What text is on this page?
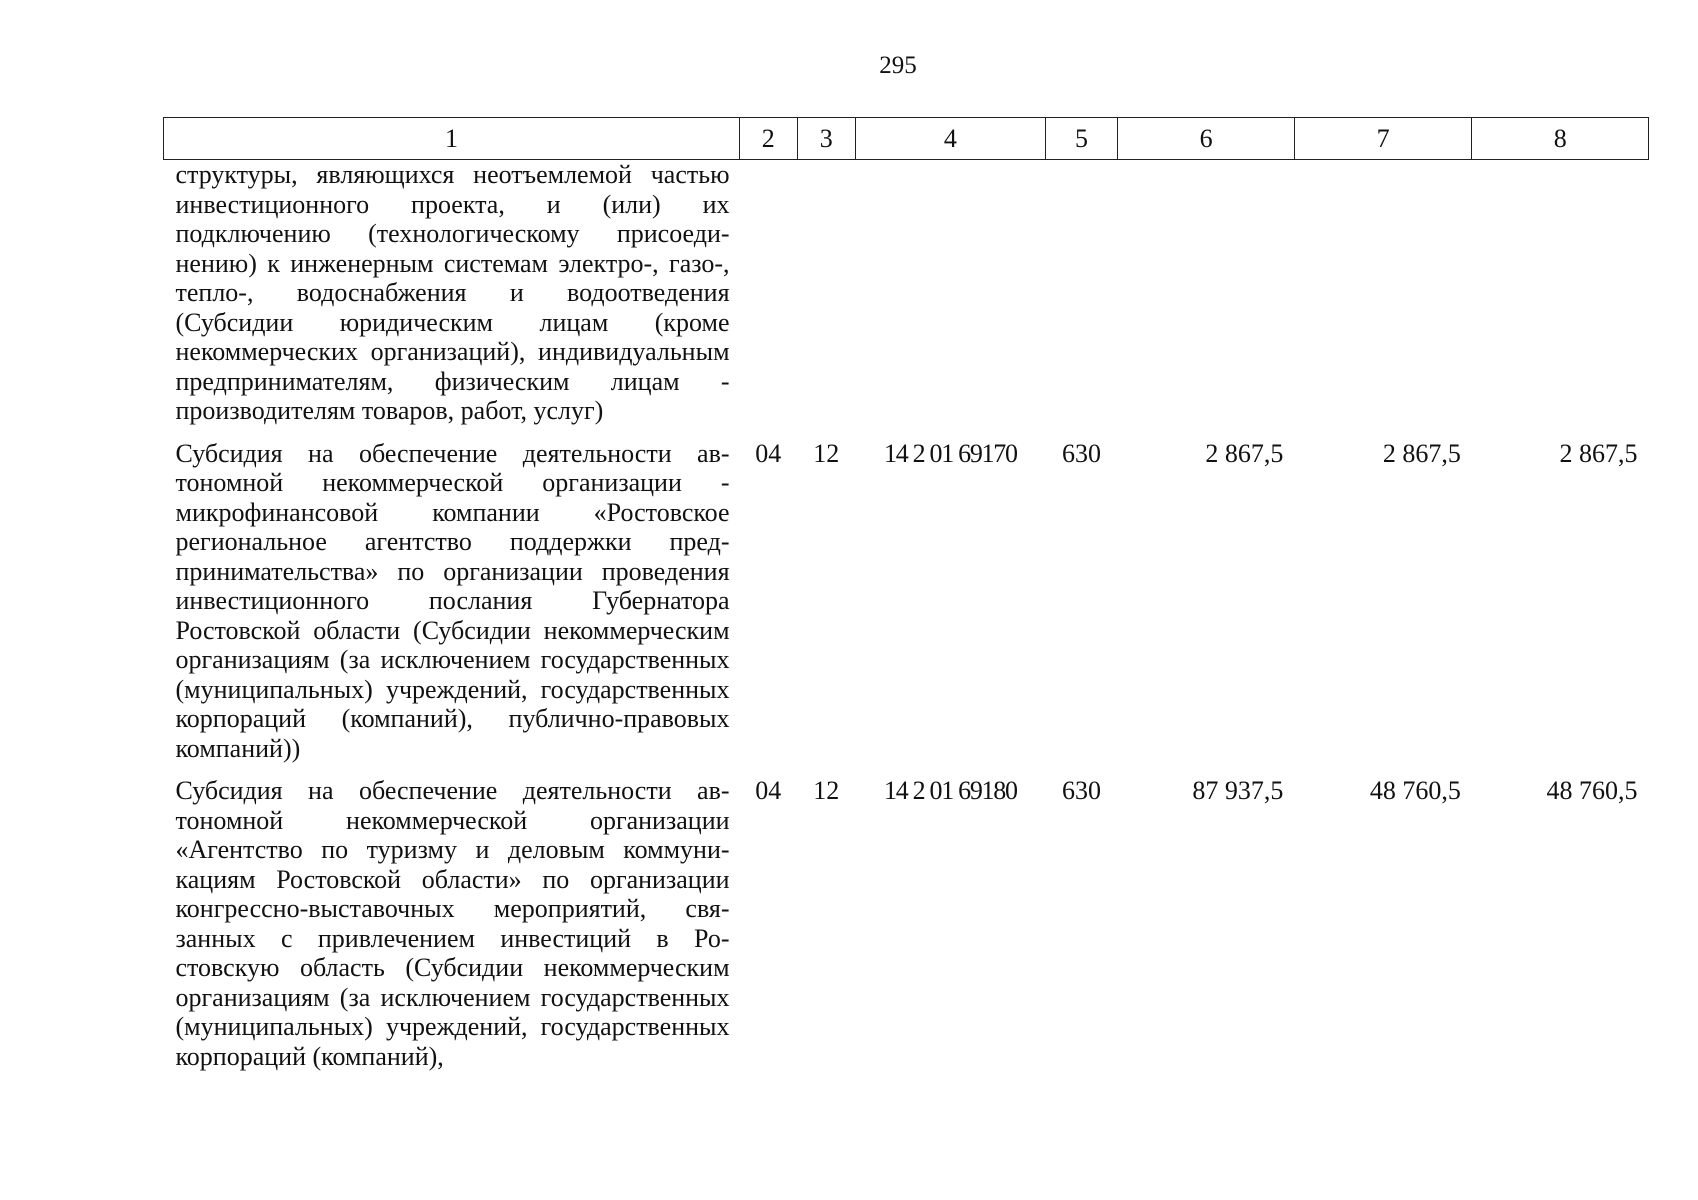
295
1	2	3	4	5	6	7	8
структуры, являющихся неотъемлемой частью инвестиционного проекта, и (или) их подключению (технологическому присоединению) к инженерным системам электро-, газо-, тепло-, водоснабжения и водоотведения (Субсидии юридическим лицам (кроме некоммерческих организаций), индивидуальным предпринимателям, физическим лицам - производителям товаров, работ, услуг)							
Субсидия на обеспечение деятельности автономной некоммерческой организации - микрофинансовой компании «Ростовское региональное агентство поддержки предпринимательства» по организации проведения инвестиционного послания Губернатора Ростовской области (Субсидии некоммерческим организациям (за исключением государственных (муниципальных) учреждений, государственных корпораций (компаний), публично-правовых компаний))	04	12	14 2 01 69170	630	2 867,5	2 867,5	2 867,5
Субсидия на обеспечение деятельности автономной некоммерческой организации «Агентство по туризму и деловым коммуникациям Ростовской области» по организации конгрессно-выставочных мероприятий, связанных с привлечением инвестиций в Ростовскую область (Субсидии некоммерческим организациям (за исключением государственных (муниципальных) учреждений, государственных корпораций (компаний),	04	12	14 2 01 69180	630	87 937,5	48 760,5	48 760,5
